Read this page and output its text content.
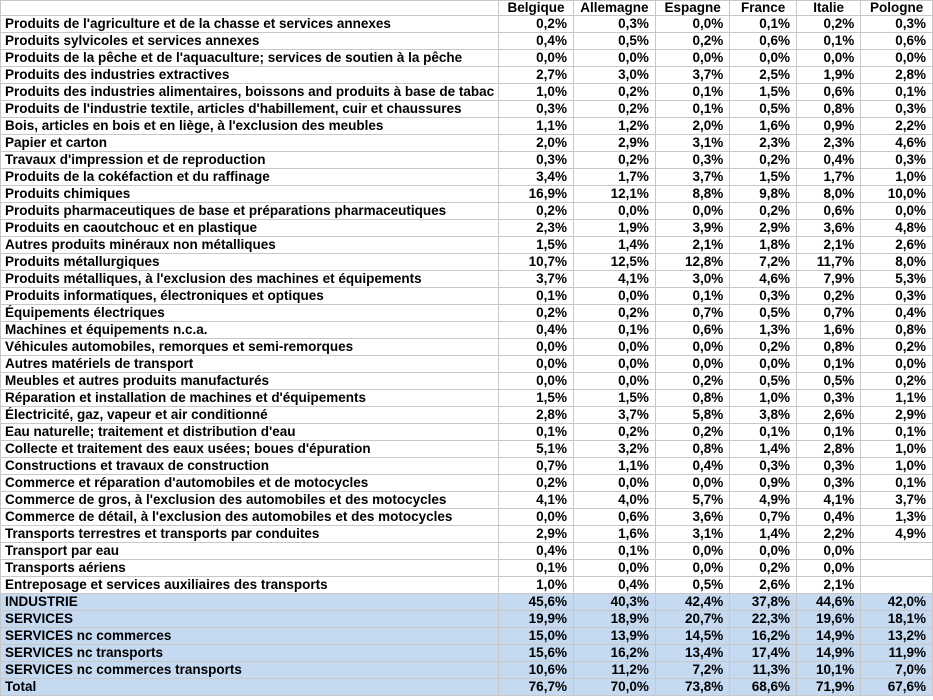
	Belgique	Allemagne	Espagne	France	Italie	Pologne
Produits de l'agriculture et de la chasse et services annexes	0,2%	0,3%	0,0%	0,1%	0,2%	0,3%
Produits sylvicoles et services annexes	0,4%	0,5%	0,2%	0,6%	0,1%	0,6%
Produits de la pêche et de l'aquaculture; services de soutien à la pêche	0,0%	0,0%	0,0%	0,0%	0,0%	0,0%
Produits des industries extractives	2,7%	3,0%	3,7%	2,5%	1,9%	2,8%
Produits des industries alimentaires, boissons and produits à base de tabac	1,0%	0,2%	0,1%	1,5%	0,6%	0,1%
Produits de l'industrie textile, articles d'habillement, cuir et chaussures	0,3%	0,2%	0,1%	0,5%	0,8%	0,3%
Bois, articles en bois et en liège, à l'exclusion des meubles	1,1%	1,2%	2,0%	1,6%	0,9%	2,2%
Papier et carton	2,0%	2,9%	3,1%	2,3%	2,3%	4,6%
Travaux d'impression et de reproduction	0,3%	0,2%	0,3%	0,2%	0,4%	0,3%
Produits de la cokéfaction et du raffinage	3,4%	1,7%	3,7%	1,5%	1,7%	1,0%
Produits chimiques	16,9%	12,1%	8,8%	9,8%	8,0%	10,0%
Produits pharmaceutiques de base et préparations pharmaceutiques	0,2%	0,0%	0,0%	0,2%	0,6%	0,0%
Produits en caoutchouc et en plastique	2,3%	1,9%	3,9%	2,9%	3,6%	4,8%
Autres produits minéraux non métalliques	1,5%	1,4%	2,1%	1,8%	2,1%	2,6%
Produits métallurgiques	10,7%	12,5%	12,8%	7,2%	11,7%	8,0%
Produits métalliques, à l'exclusion des machines et équipements	3,7%	4,1%	3,0%	4,6%	7,9%	5,3%
Produits informatiques, électroniques et optiques	0,1%	0,0%	0,1%	0,3%	0,2%	0,3%
Équipements électriques	0,2%	0,2%	0,7%	0,5%	0,7%	0,4%
Machines et équipements n.c.a.	0,4%	0,1%	0,6%	1,3%	1,6%	0,8%
Véhicules automobiles, remorques et semi-remorques	0,0%	0,0%	0,0%	0,2%	0,8%	0,2%
Autres matériels de transport	0,0%	0,0%	0,0%	0,0%	0,1%	0,0%
Meubles et autres produits manufacturés	0,0%	0,0%	0,2%	0,5%	0,5%	0,2%
Réparation et installation de machines et d'équipements	1,5%	1,5%	0,8%	1,0%	0,3%	1,1%
Électricité, gaz, vapeur et air conditionné	2,8%	3,7%	5,8%	3,8%	2,6%	2,9%
Eau naturelle; traitement et distribution d'eau	0,1%	0,2%	0,2%	0,1%	0,1%	0,1%
Collecte et traitement des eaux usées; boues d'épuration	5,1%	3,2%	0,8%	1,4%	2,8%	1,0%
Constructions et travaux de construction	0,7%	1,1%	0,4%	0,3%	0,3%	1,0%
Commerce et réparation d'automobiles et de motocycles	0,2%	0,0%	0,0%	0,9%	0,3%	0,1%
Commerce de gros, à l'exclusion des automobiles et des motocycles	4,1%	4,0%	5,7%	4,9%	4,1%	3,7%
Commerce de détail, à l'exclusion des automobiles et des motocycles	0,0%	0,6%	3,6%	0,7%	0,4%	1,3%
Transports terrestres et transports par conduites	2,9%	1,6%	3,1%	1,4%	2,2%	4,9%
Transport par eau	0,4%	0,1%	0,0%	0,0%	0,0%	
Transports aériens	0,1%	0,0%	0,0%	0,2%	0,0%	
Entreposage et services auxiliaires des transports	1,0%	0,4%	0,5%	2,6%	2,1%	
INDUSTRIE	45,6%	40,3%	42,4%	37,8%	44,6%	42,0%
SERVICES	19,9%	18,9%	20,7%	22,3%	19,6%	18,1%
SERVICES nc commerces	15,0%	13,9%	14,5%	16,2%	14,9%	13,2%
SERVICES nc transports	15,6%	16,2%	13,4%	17,4%	14,9%	11,9%
SERVICES nc commerces transports	10,6%	11,2%	7,2%	11,3%	10,1%	7,0%
Total	76,7%	70,0%	73,8%	68,6%	71,9%	67,6%
